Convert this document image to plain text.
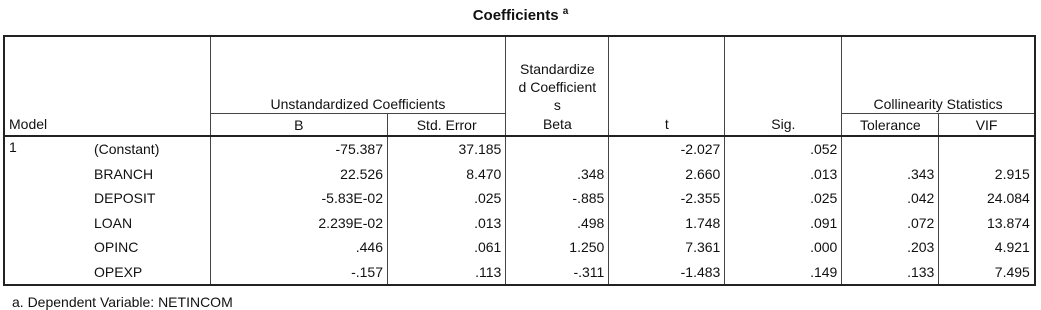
Coefficients $^a$
		Unstandardized Coefficients		Standardized Coefficients			Collinearity Statistics	
Model		B	Std. Error	Beta	t	Sig.	Tolerance	VIF
1	(Constant)	-75.387	37.185		-2.027	.052		
	BRANCH	22.526	8.470	.348	2.660	.013	.343	2.915
	DEPOSIT	-5.83E-02	.025	-.885	-2.355	.025	.042	24.084
	LOAN	2.239E-02	.013	.498	1.748	.091	.072	13.874
	OPINC	.446	.061	1.250	7.361	.000	.203	4.921
	OPEXP	-.157	.113	-.311	-1.483	.149	.133	7.495
a. Dependent Variable: NETINCOM
